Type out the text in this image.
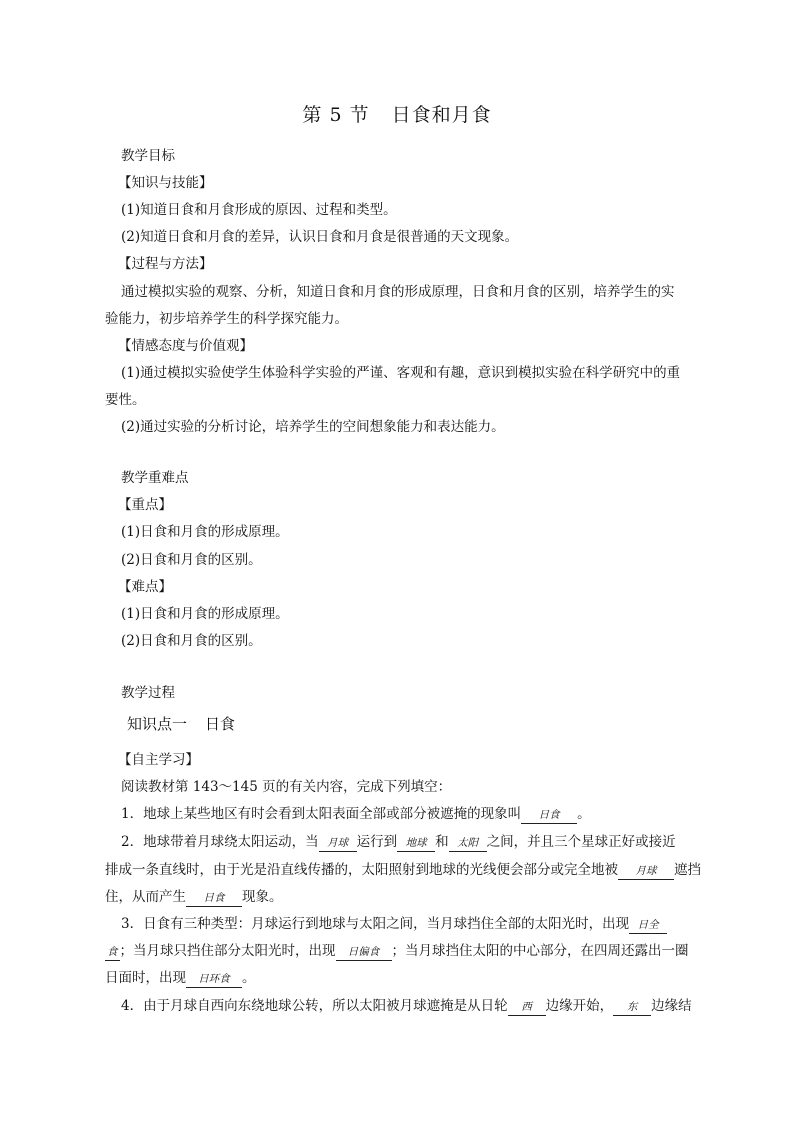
第 5 节 日食和月食
教学目标
【知识与技能】
(1)知道日食和月食形成的原因、过程和类型。
(2)知道日食和月食的差异，认识日食和月食是很普通的天文现象。
【过程与方法】
通过模拟实验的观察、分析，知道日食和月食的形成原理，日食和月食的区别，培养学生的实
验能力，初步培养学生的科学探究能力。
【情感态度与价值观】
(1)通过模拟实验使学生体验科学实验的严谨、客观和有趣，意识到模拟实验在科学研究中的重
要性。
(2)通过实验的分析讨论，培养学生的空间想象能力和表达能力。
教学重难点
【重点】
(1)日食和月食的形成原理。
(2)日食和月食的区别。
【难点】
(1)日食和月食的形成原理。
(2)日食和月食的区别。
教学过程
知识点一 日食
【自主学习】
阅读教材第 143～145 页的有关内容，完成下列填空：
1．地球上某些地区有时会看到太阳表面全部或部分被遮掩的现象叫 日食 。
2．地球带着月球绕太阳运动，当 月球 运行到 地球 和 太阳 之间，并且三个星球正好或接近
排成一条直线时，由于光是沿直线传播的，太阳照射到地球的光线便会部分或完全地被 月球 遮挡
住，从而产生 日食 现象。
3．日食有三种类型：月球运行到地球与太阳之间，当月球挡住全部的太阳光时，出现 日全
食 ；当月球只挡住部分太阳光时，出现 日偏食 ；当月球挡住太阳的中心部分，在四周还露出一圈
日面时，出现 日环食 。
4．由于月球自西向东绕地球公转，所以太阳被月球遮掩是从日轮 西 边缘开始， 东 边缘结
